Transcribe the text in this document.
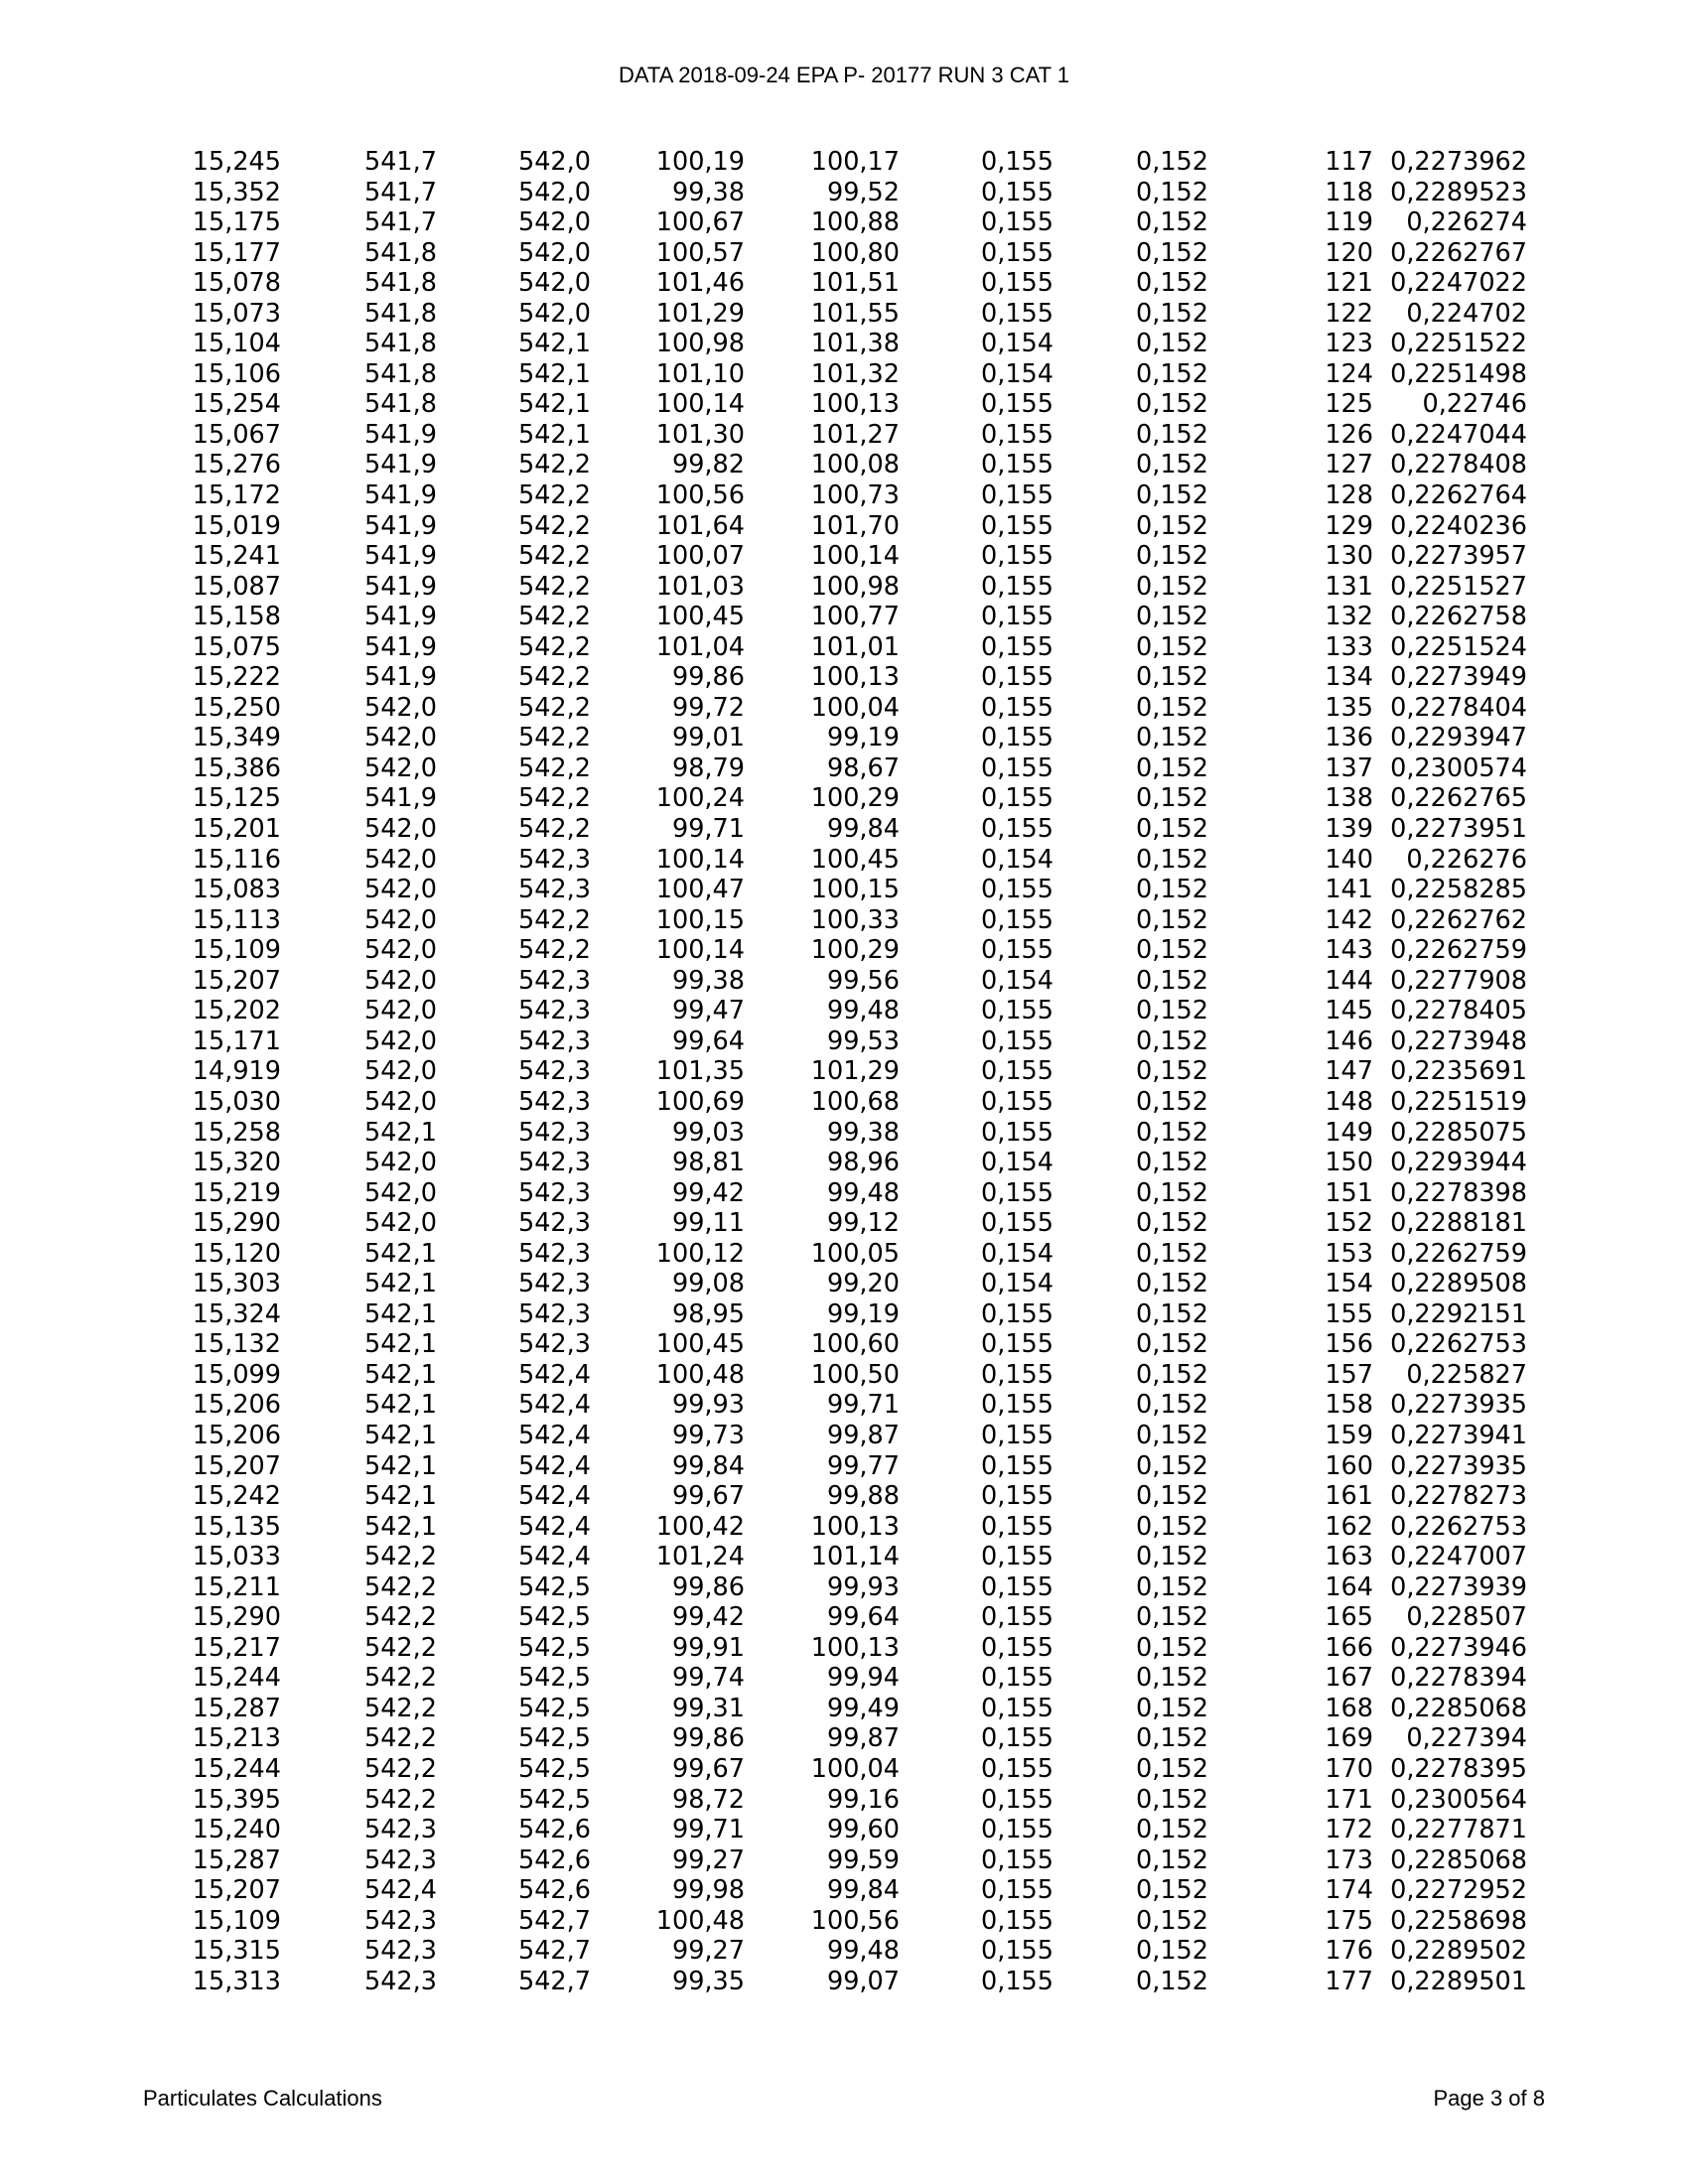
DATA 2018-09-24 EPA P- 20177 RUN 3 CAT 1
15,245	541,7	542,0	100,19	100,17	0,155	0,152	117	0,2273962
15,352	541,7	542,0	99,38	99,52	0,155	0,152	118	0,2289523
15,175	541,7	542,0	100,67	100,88	0,155	0,152	119	0,226274
15,177	541,8	542,0	100,57	100,80	0,155	0,152	120	0,2262767
15,078	541,8	542,0	101,46	101,51	0,155	0,152	121	0,2247022
15,073	541,8	542,0	101,29	101,55	0,155	0,152	122	0,224702
15,104	541,8	542,1	100,98	101,38	0,154	0,152	123	0,2251522
15,106	541,8	542,1	101,10	101,32	0,154	0,152	124	0,2251498
15,254	541,8	542,1	100,14	100,13	0,155	0,152	125	0,22746
15,067	541,9	542,1	101,30	101,27	0,155	0,152	126	0,2247044
15,276	541,9	542,2	99,82	100,08	0,155	0,152	127	0,2278408
15,172	541,9	542,2	100,56	100,73	0,155	0,152	128	0,2262764
15,019	541,9	542,2	101,64	101,70	0,155	0,152	129	0,2240236
15,241	541,9	542,2	100,07	100,14	0,155	0,152	130	0,2273957
15,087	541,9	542,2	101,03	100,98	0,155	0,152	131	0,2251527
15,158	541,9	542,2	100,45	100,77	0,155	0,152	132	0,2262758
15,075	541,9	542,2	101,04	101,01	0,155	0,152	133	0,2251524
15,222	541,9	542,2	99,86	100,13	0,155	0,152	134	0,2273949
15,250	542,0	542,2	99,72	100,04	0,155	0,152	135	0,2278404
15,349	542,0	542,2	99,01	99,19	0,155	0,152	136	0,2293947
15,386	542,0	542,2	98,79	98,67	0,155	0,152	137	0,2300574
15,125	541,9	542,2	100,24	100,29	0,155	0,152	138	0,2262765
15,201	542,0	542,2	99,71	99,84	0,155	0,152	139	0,2273951
15,116	542,0	542,3	100,14	100,45	0,154	0,152	140	0,226276
15,083	542,0	542,3	100,47	100,15	0,155	0,152	141	0,2258285
15,113	542,0	542,2	100,15	100,33	0,155	0,152	142	0,2262762
15,109	542,0	542,2	100,14	100,29	0,155	0,152	143	0,2262759
15,207	542,0	542,3	99,38	99,56	0,154	0,152	144	0,2277908
15,202	542,0	542,3	99,47	99,48	0,155	0,152	145	0,2278405
15,171	542,0	542,3	99,64	99,53	0,155	0,152	146	0,2273948
14,919	542,0	542,3	101,35	101,29	0,155	0,152	147	0,2235691
15,030	542,0	542,3	100,69	100,68	0,155	0,152	148	0,2251519
15,258	542,1	542,3	99,03	99,38	0,155	0,152	149	0,2285075
15,320	542,0	542,3	98,81	98,96	0,154	0,152	150	0,2293944
15,219	542,0	542,3	99,42	99,48	0,155	0,152	151	0,2278398
15,290	542,0	542,3	99,11	99,12	0,155	0,152	152	0,2288181
15,120	542,1	542,3	100,12	100,05	0,154	0,152	153	0,2262759
15,303	542,1	542,3	99,08	99,20	0,154	0,152	154	0,2289508
15,324	542,1	542,3	98,95	99,19	0,155	0,152	155	0,2292151
15,132	542,1	542,3	100,45	100,60	0,155	0,152	156	0,2262753
15,099	542,1	542,4	100,48	100,50	0,155	0,152	157	0,225827
15,206	542,1	542,4	99,93	99,71	0,155	0,152	158	0,2273935
15,206	542,1	542,4	99,73	99,87	0,155	0,152	159	0,2273941
15,207	542,1	542,4	99,84	99,77	0,155	0,152	160	0,2273935
15,242	542,1	542,4	99,67	99,88	0,155	0,152	161	0,2278273
15,135	542,1	542,4	100,42	100,13	0,155	0,152	162	0,2262753
15,033	542,2	542,4	101,24	101,14	0,155	0,152	163	0,2247007
15,211	542,2	542,5	99,86	99,93	0,155	0,152	164	0,2273939
15,290	542,2	542,5	99,42	99,64	0,155	0,152	165	0,228507
15,217	542,2	542,5	99,91	100,13	0,155	0,152	166	0,2273946
15,244	542,2	542,5	99,74	99,94	0,155	0,152	167	0,2278394
15,287	542,2	542,5	99,31	99,49	0,155	0,152	168	0,2285068
15,213	542,2	542,5	99,86	99,87	0,155	0,152	169	0,227394
15,244	542,2	542,5	99,67	100,04	0,155	0,152	170	0,2278395
15,395	542,2	542,5	98,72	99,16	0,155	0,152	171	0,2300564
15,240	542,3	542,6	99,71	99,60	0,155	0,152	172	0,2277871
15,287	542,3	542,6	99,27	99,59	0,155	0,152	173	0,2285068
15,207	542,4	542,6	99,98	99,84	0,155	0,152	174	0,2272952
15,109	542,3	542,7	100,48	100,56	0,155	0,152	175	0,2258698
15,315	542,3	542,7	99,27	99,48	0,155	0,152	176	0,2289502
15,313	542,3	542,7	99,35	99,07	0,155	0,152	177	0,2289501
Particulates Calculations	Page 3 of 8
